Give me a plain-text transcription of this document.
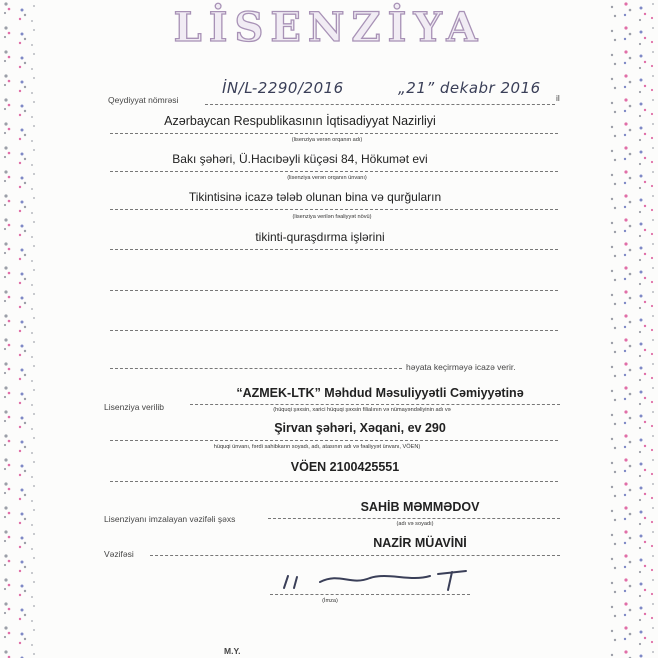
LİSENZİYA
Qeydiyyat nömrəsi
İN/L-2290/2016	„21” dekabr 2016
il
Azərbaycan Respublikasının İqtisadiyyat Nazirliyi
(lisenziya verən orqanın adı)
Bakı şəhəri, Ü.Hacıbəyli küçəsi 84, Hökumət evi
(lisenziya verən orqanın ünvanı)
Tikintisinə icazə tələb olunan bina və qurğuların
(lisenziya verilən fəaliyyət növü)
tikinti-quraşdırma işlərini
həyata keçirməyə icazə verir.
“AZMEK-LTK” Məhdud Məsuliyyətli Cəmiyyətinə
Lisenziya verilib	(hüquqi şəxsin, xarici hüquqi şəxsin filialının və nümayəndəliyinin adı və
Şirvan şəhəri, Xəqani, ev 290
hüquqi ünvanı, fərdi sahibkarın soyadı, adı, atasının adı və fəaliyyət ünvanı, VÖEN)
VÖEN 2100425551
SAHİB MƏMMƏDOV
Lisenziyanı imzalayan vəzifəli şəxs	(adı və soyadı)
NAZİR MÜAVİNİ
Vəzifəsi
(İmza)
M.Y.
